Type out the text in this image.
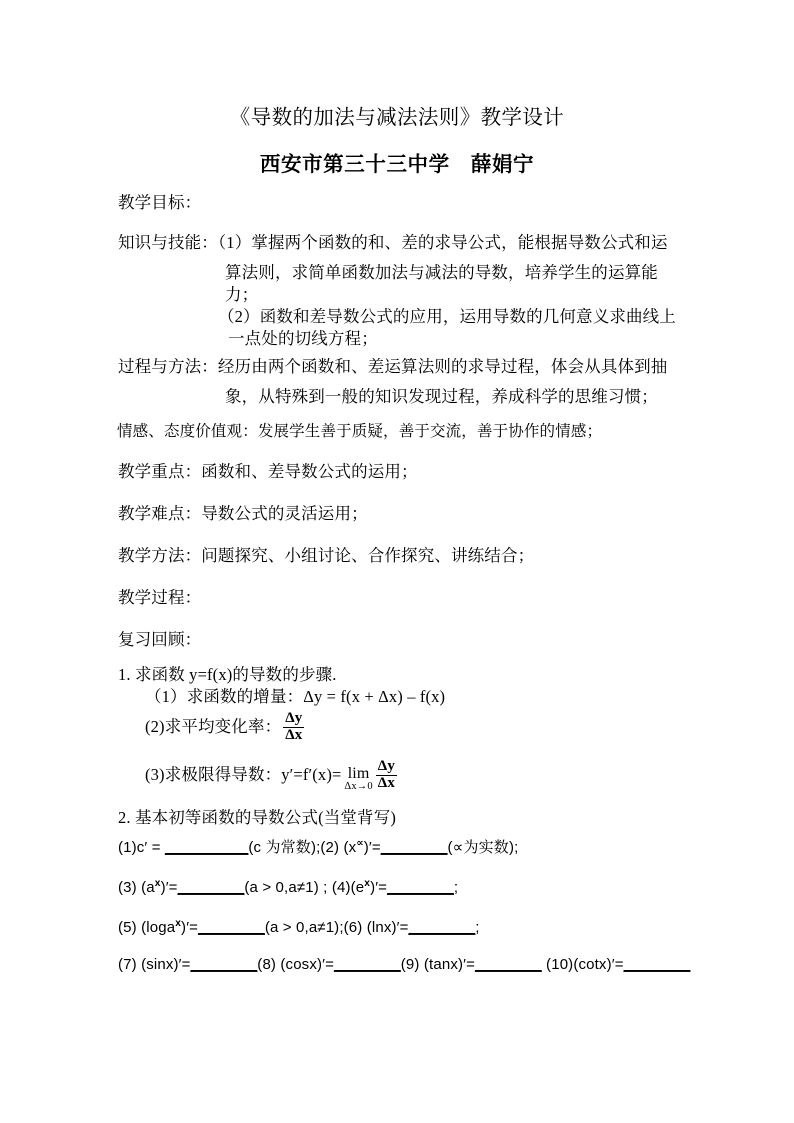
《导数的加法与减法法则》教学设计
西安市第三十三中学　薛娟宁
教学目标：
知识与技能：（1）掌握两个函数的和、差的求导公式，能根据导数公式和运
算法则，求简单函数加法与减法的导数，培养学生的运算能
力；
（2）函数和差导数公式的应用，运用导数的几何意义求曲线上
一点处的切线方程；
过程与方法：经历由两个函数和、差运算法则的求导过程，体会从具体到抽
象，从特殊到一般的知识发现过程，养成科学的思维习惯；
情感、态度价值观：发展学生善于质疑，善于交流，善于协作的情感；
教学重点：函数和、差导数公式的运用；
教学难点：导数公式的灵活运用；
教学方法：问题探究、小组讨论、合作探究、讲练结合；
教学过程：
复习回顾：
1. 求函数 y=f(x)的导数的步骤.
（1）求函数的增量：Δy = f(x + Δx) – f(x)
(2)求平均变化率： $\frac{\Delta y}{\Delta x}$
(3)求极限得导数：y′=f′(x)= lim
$\Delta x\to 0 \frac{\Delta y}{\Delta x}$
2. 基本初等函数的导数公式(当堂背写)
(1)c′ = __________(c 为常数);(2) (x∝)′=________(∝为实数);
(3) $(a^x)'=\_\_\_\_\_\_\_\_(a > 0,a\ne 1)$ ; $(4)(e^x)'=\_\_\_\_\_\_\_\_$;
(5) (loga$^x$)′=________(a > 0,a≠1);(6) (lnx)′=________;
(7) (sinx)′=________(8) (cosx)′=________(9) (tanx)′=________ (10)(cotx)′=________
